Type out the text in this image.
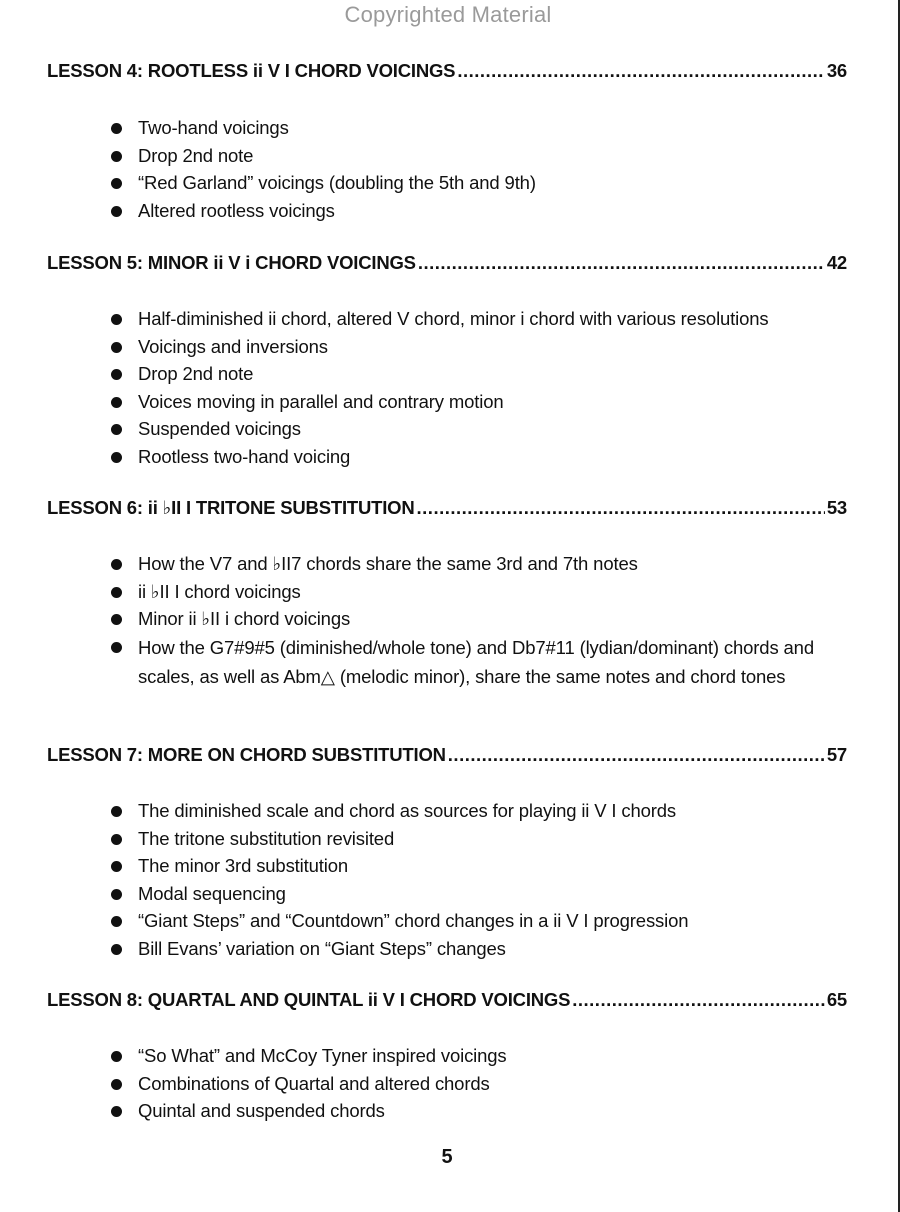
Copyrighted Material
LESSON 4: ROOTLESS ii V I CHORD VOICINGS .....	36
Two-hand voicings
Drop 2nd note
“Red Garland” voicings (doubling the 5th and 9th)
Altered rootless voicings
LESSON 5: MINOR ii V i CHORD VOICINGS .....	42
Half-diminished ii chord, altered V chord, minor i chord with various resolutions
Voicings and inversions
Drop 2nd note
Voices moving in parallel and contrary motion
Suspended voicings
Rootless two-hand voicing
LESSON 6: ii ♭II I TRITONE SUBSTITUTION .....	53
How the V7 and ♭II7 chords share the same 3rd and 7th notes
ii ♭II I chord voicings
Minor ii ♭II i chord voicings
How the G7#9#5 (diminished/whole tone) and Db7#11 (lydian/dominant) chords and scales, as well as Abm△ (melodic minor), share the same notes and chord tones
LESSON 7: MORE ON CHORD SUBSTITUTION .....	57
The diminished scale and chord as sources for playing ii V I chords
The tritone substitution revisited
The minor 3rd substitution
Modal sequencing
“Giant Steps” and “Countdown” chord changes in a ii V I progression
Bill Evans’ variation on “Giant Steps” changes
LESSON 8: QUARTAL AND QUINTAL ii V I CHORD VOICINGS .....	65
“So What” and McCoy Tyner inspired voicings
Combinations of Quartal and altered chords
Quintal and suspended chords
5
